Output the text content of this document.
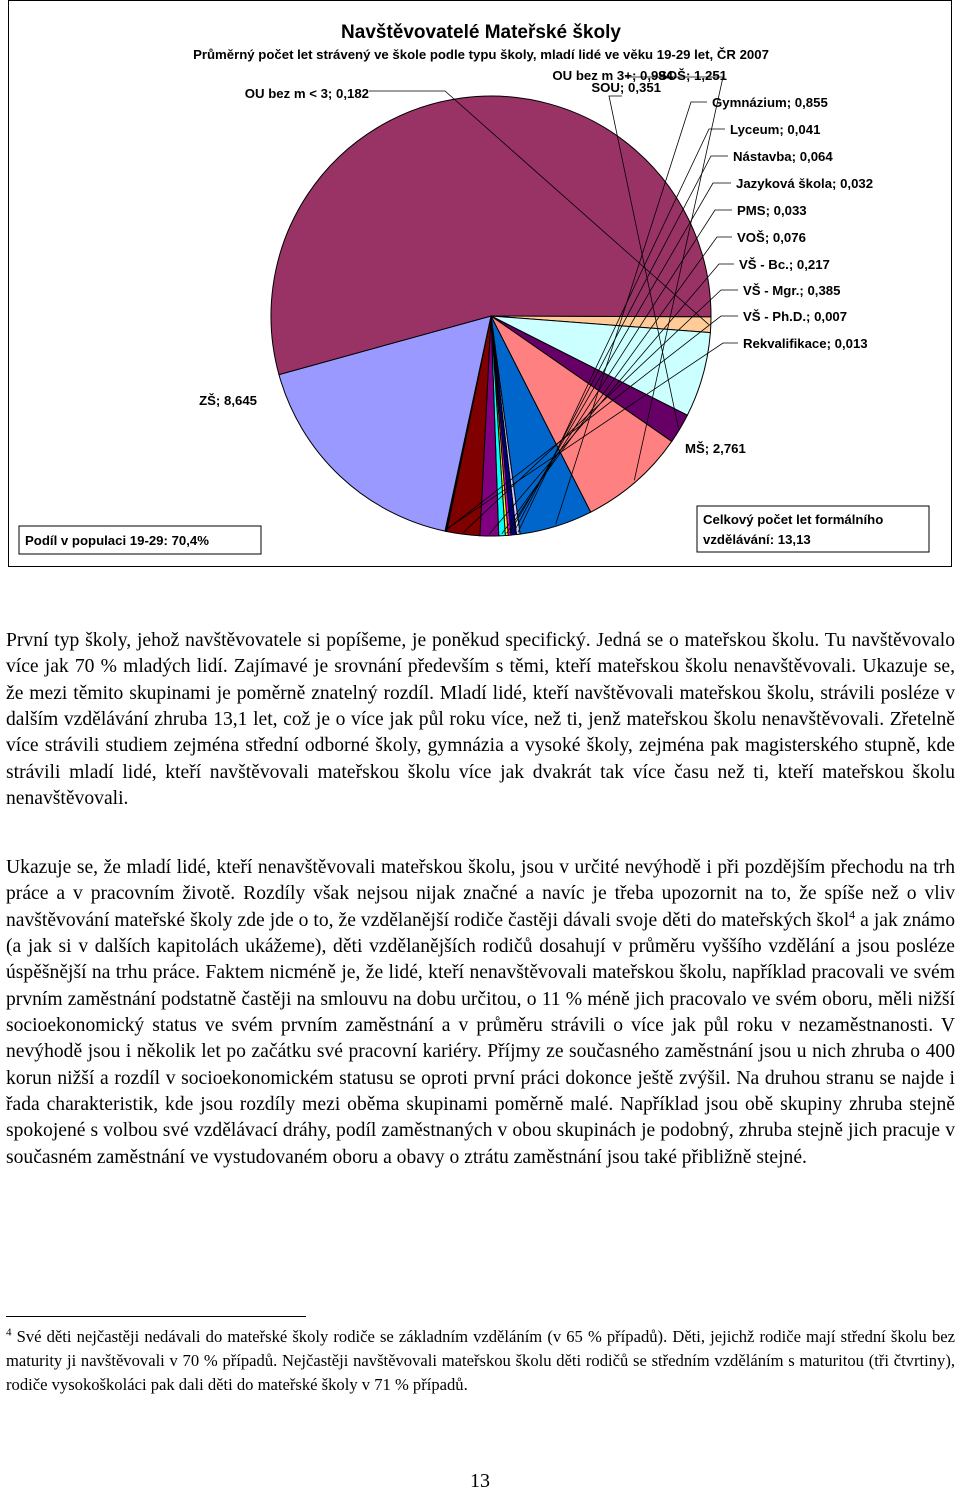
Navštěvovatelé Mateřské školy
Průměrný počet let strávený ve škole podle typu školy, mladí lidé ve věku 19-29 let, ČR 2007
OU bez m < 3; 0,182
OU bez m 3+; 0,994
SOU; 0,351
SOŠ; 1,251
Gymnázium; 0,855
Lyceum; 0,041
Nástavba; 0,064
Jazyková škola; 0,032
PMS; 0,033
VOŠ; 0,076
VŠ - Bc.; 0,217
VŠ - Mgr.; 0,385
VŠ - Ph.D.; 0,007
Rekvalifikace; 0,013
MŠ; 2,761
ZŠ; 8,645
Podíl v populaci 19-29: 70,4%
Celkový počet let formálního
vzdělávání: 13,13

První typ školy, jehož navštěvovatele si popíšeme, je poněkud specifický. Jedná se o mateřskou školu. Tu navštěvovalo více jak 70 % mladých lidí. Zajímavé je srovnání především s těmi, kteří mateřskou školu nenavštěvovali. Ukazuje se, že mezi těmito skupinami je poměrně znatelný rozdíl. Mladí lidé, kteří navštěvovali mateřskou školu, strávili posléze v dalším vzdělávání zhruba 13,1 let, což je o více jak půl roku více, než ti, jenž mateřskou školu nenavštěvovali. Zřetelně více strávili studiem zejména střední odborné školy, gymnázia a vysoké školy, zejména pak magisterského stupně, kde strávili mladí lidé, kteří navštěvovali mateřskou školu více jak dvakrát tak více času než ti, kteří mateřskou školu nenavštěvovali.

Ukazuje se, že mladí lidé, kteří nenavštěvovali mateřskou školu, jsou v určité nevýhodě i při pozdějším přechodu na trh práce a v pracovním životě. Rozdíly však nejsou nijak značné a navíc je třeba upozornit na to, že spíše než o vliv navštěvování mateřské školy zde jde o to, že vzdělanější rodiče častěji dávali svoje děti do mateřských škol$^4$ a jak známo (a jak si v dalších kapitolách ukážeme), děti vzdělanějších rodičů dosahují v průměru vyššího vzdělání a jsou posléze úspěšnější na trhu práce. Faktem nicméně je, že lidé, kteří nenavštěvovali mateřskou školu, například pracovali ve svém prvním zaměstnání podstatně častěji na smlouvu na dobu určitou, o 11 % méně jich pracovalo ve svém oboru, měli nižší socioekonomický status ve svém prvním zaměstnání a v průměru strávili o více jak půl roku v nezaměstnanosti. V nevýhodě jsou i několik let po začátku své pracovní kariéry. Příjmy ze současného zaměstnání jsou u nich zhruba o 400 korun nižší a rozdíl v socioekonomickém statusu se oproti první práci dokonce ještě zvýšil. Na druhou stranu se najde i řada charakteristik, kde jsou rozdíly mezi oběma skupinami poměrně malé. Například jsou obě skupiny zhruba stejně spokojené s volbou své vzdělávací dráhy, podíl zaměstnaných v obou skupinách je podobný, zhruba stejně jich pracuje v současném zaměstnání ve vystudovaném oboru a obavy o ztrátu zaměstnání jsou také přibližně stejné.

$^4$ Své děti nejčastěji nedávali do mateřské školy rodiče se základním vzděláním (v 65 % případů). Děti, jejichž rodiče mají střední školu bez maturity ji navštěvovali v 70 % případů. Nejčastěji navštěvovali mateřskou školu děti rodičů se středním vzděláním s maturitou (tři čtvrtiny), rodiče vysokoškoláci pak dali děti do mateřské školy v 71 % případů.

13
